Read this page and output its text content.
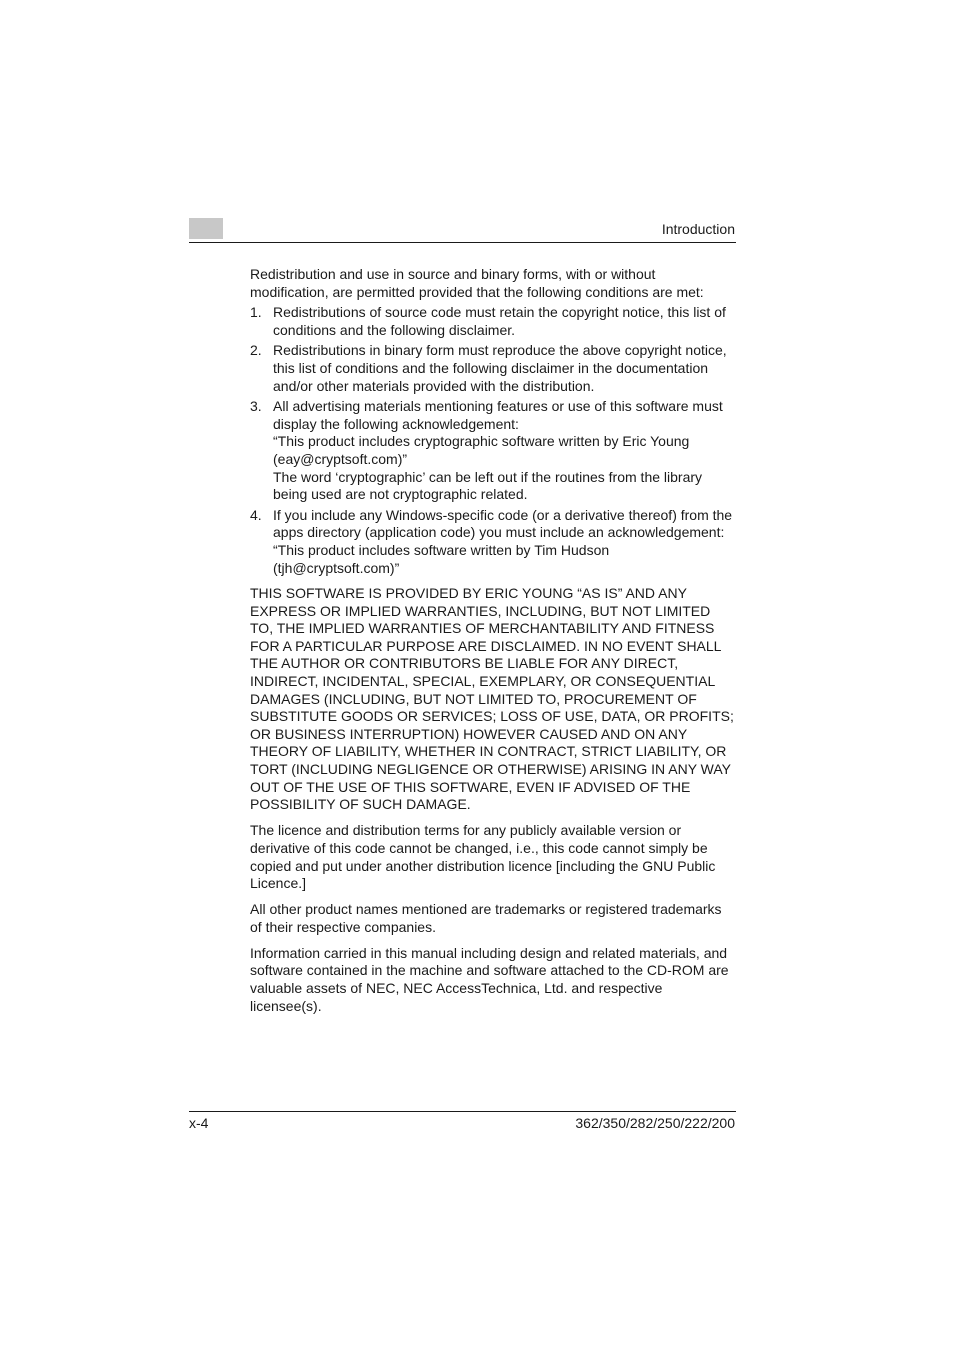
Introduction

Redistribution and use in source and binary forms, with or without modification, are permitted provided that the following conditions are met:

1. Redistributions of source code must retain the copyright notice, this list of conditions and the following disclaimer.
2. Redistributions in binary form must reproduce the above copyright notice, this list of conditions and the following disclaimer in the documentation and/or other materials provided with the distribution.
3. All advertising materials mentioning features or use of this software must display the following acknowledgement:
“This product includes cryptographic software written by Eric Young (eay@cryptsoft.com)”
The word ‘cryptographic’ can be left out if the routines from the library being used are not cryptographic related.
4. If you include any Windows-specific code (or a derivative thereof) from the apps directory (application code) you must include an acknowledgement:
“This product includes software written by Tim Hudson (tjh@cryptsoft.com)”

THIS SOFTWARE IS PROVIDED BY ERIC YOUNG “AS IS” AND ANY EXPRESS OR IMPLIED WARRANTIES, INCLUDING, BUT NOT LIMITED TO, THE IMPLIED WARRANTIES OF MERCHANTABILITY AND FITNESS FOR A PARTICULAR PURPOSE ARE DISCLAIMED. IN NO EVENT SHALL THE AUTHOR OR CONTRIBUTORS BE LIABLE FOR ANY DIRECT, INDIRECT, INCIDENTAL, SPECIAL, EXEMPLARY, OR CONSEQUENTIAL DAMAGES (INCLUDING, BUT NOT LIMITED TO, PROCUREMENT OF SUBSTITUTE GOODS OR SERVICES; LOSS OF USE, DATA, OR PROFITS; OR BUSINESS INTERRUPTION) HOWEVER CAUSED AND ON ANY THEORY OF LIABILITY, WHETHER IN CONTRACT, STRICT LIABILITY, OR TORT (INCLUDING NEGLIGENCE OR OTHERWISE) ARISING IN ANY WAY OUT OF THE USE OF THIS SOFTWARE, EVEN IF ADVISED OF THE POSSIBILITY OF SUCH DAMAGE.

The licence and distribution terms for any publicly available version or derivative of this code cannot be changed, i.e., this code cannot simply be copied and put under another distribution licence [including the GNU Public Licence.]

All other product names mentioned are trademarks or registered trademarks of their respective companies.

Information carried in this manual including design and related materials, and software contained in the machine and software attached to the CD-ROM are valuable assets of NEC, NEC AccessTechnica, Ltd. and respective licensee(s).

x-4	362/350/282/250/222/200
